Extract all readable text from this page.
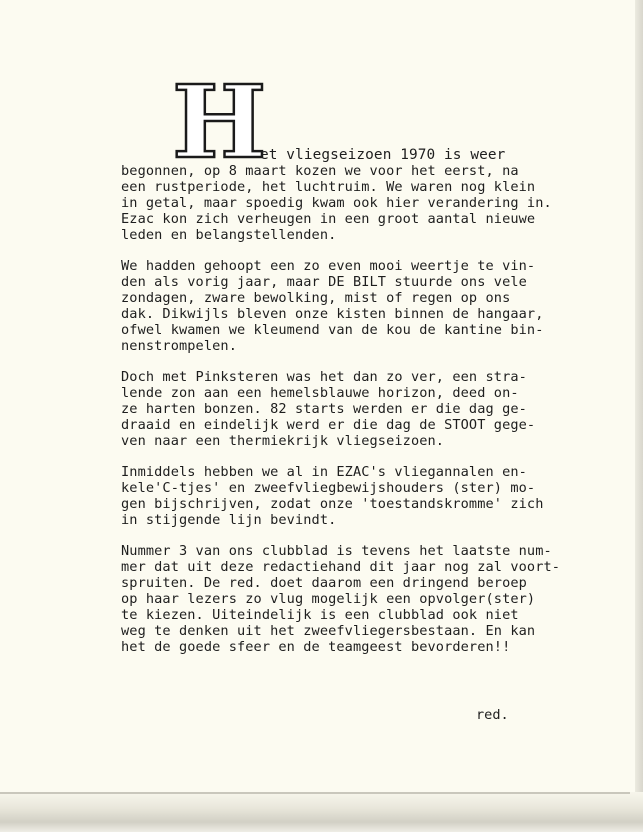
H

et vliegseizoen 1970 is weer

begonnen, op 8 maart kozen we voor het eerst, na

een rustperiode, het luchtruim. We waren nog klein

in getal, maar spoedig kwam ook hier verandering in.

Ezac kon zich verheugen in een groot aantal nieuwe

leden en belangstellenden.

We hadden gehoopt een zo even mooi weertje te vin-

den als vorig jaar, maar DE BILT stuurde ons vele

zondagen, zware bewolking, mist of regen op ons

dak. Dikwijls bleven onze kisten binnen de hangaar,

ofwel kwamen we kleumend van de kou de kantine bin-

nenstrompelen.

Doch met Pinksteren was het dan zo ver, een stra-

lende zon aan een hemelsblauwe horizon, deed on-

ze harten bonzen. 82 starts werden er die dag ge-

draaid en eindelijk werd er die dag de STOOT gege-

ven naar een thermiekrijk vliegseizoen.

Inmiddels hebben we al in EZAC's vliegannalen en-

kele'C-tjes' en zweefvliegbewijshouders (ster) mo-

gen bijschrijven, zodat onze 'toestandskromme' zich

in stijgende lijn bevindt.

Nummer 3 van ons clubblad is tevens het laatste num-

mer dat uit deze redactiehand dit jaar nog zal voort-

spruiten. De red. doet daarom een dringend beroep

op haar lezers zo vlug mogelijk een opvolger(ster)

te kiezen. Uiteindelijk is een clubblad ook niet

weg te denken uit het zweefvliegersbestaan. En kan

het de goede sfeer en de teamgeest bevorderen!!

red.
